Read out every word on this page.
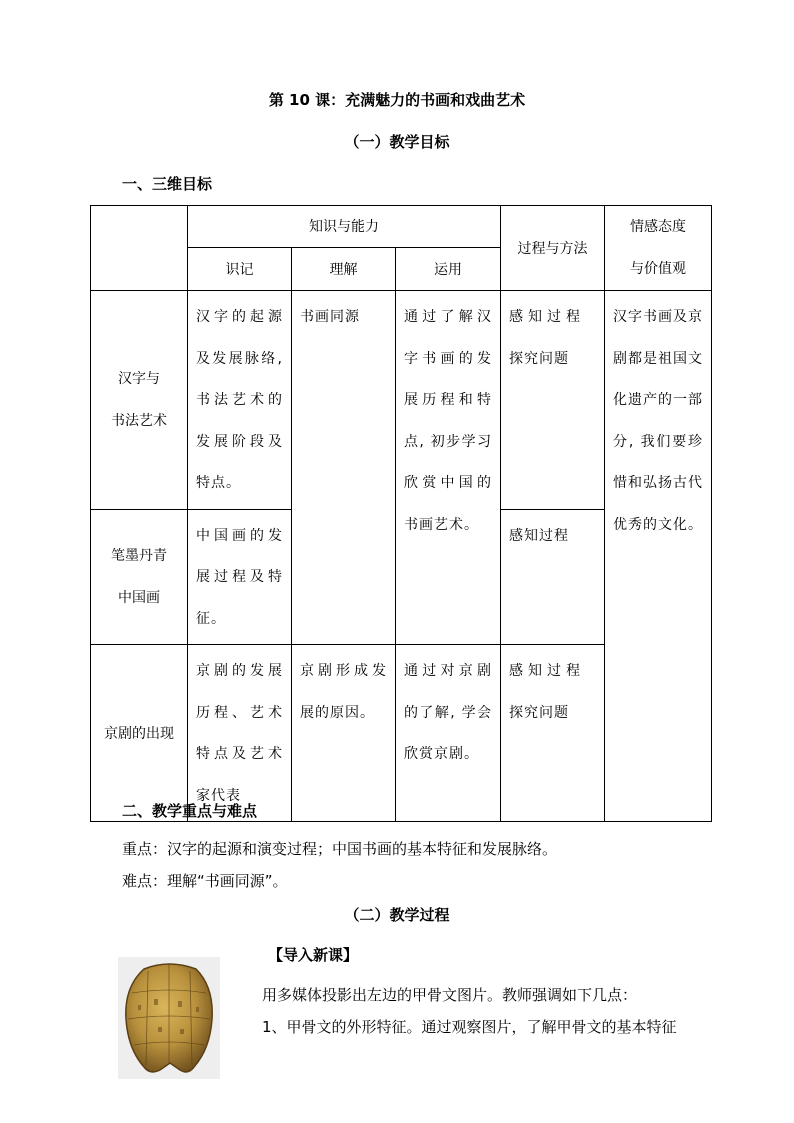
第 10 课：充满魅力的书画和戏曲艺术
（一）教学目标
一、三维目标
	知识与能力			过程与方法	情感态度
与价值观

	识记	理解	运用		

汉字与
书法艺术	汉字的起源及发展脉络,书法艺术的发展阶段及特点。	书画同源	通过了解汉字书画的发展历程和特点, 初步学习欣赏中国的书画艺术。	感知过程探究问题	汉字书画及京剧都是祖国文化遗产的一部分, 我们要珍惜和弘扬古代优秀的文化。

笔墨丹青
中国画	中国画的发展过程及特征。			感知过程	

京剧的出现	京剧的发展历程、艺术特点及艺术家代表	京剧形成发展的原因。	通过对京剧的了解, 学会欣赏京剧。	感知过程探究问题	
二、教学重点与难点
重点：汉字的起源和演变过程；中国书画的基本特征和发展脉络。
难点：理解“书画同源”。
（二）教学过程
【导入新课】
用多媒体投影出左边的甲骨文图片。教师强调如下几点：
1、甲骨文的外形特征。通过观察图片，了解甲骨文的基本特征
